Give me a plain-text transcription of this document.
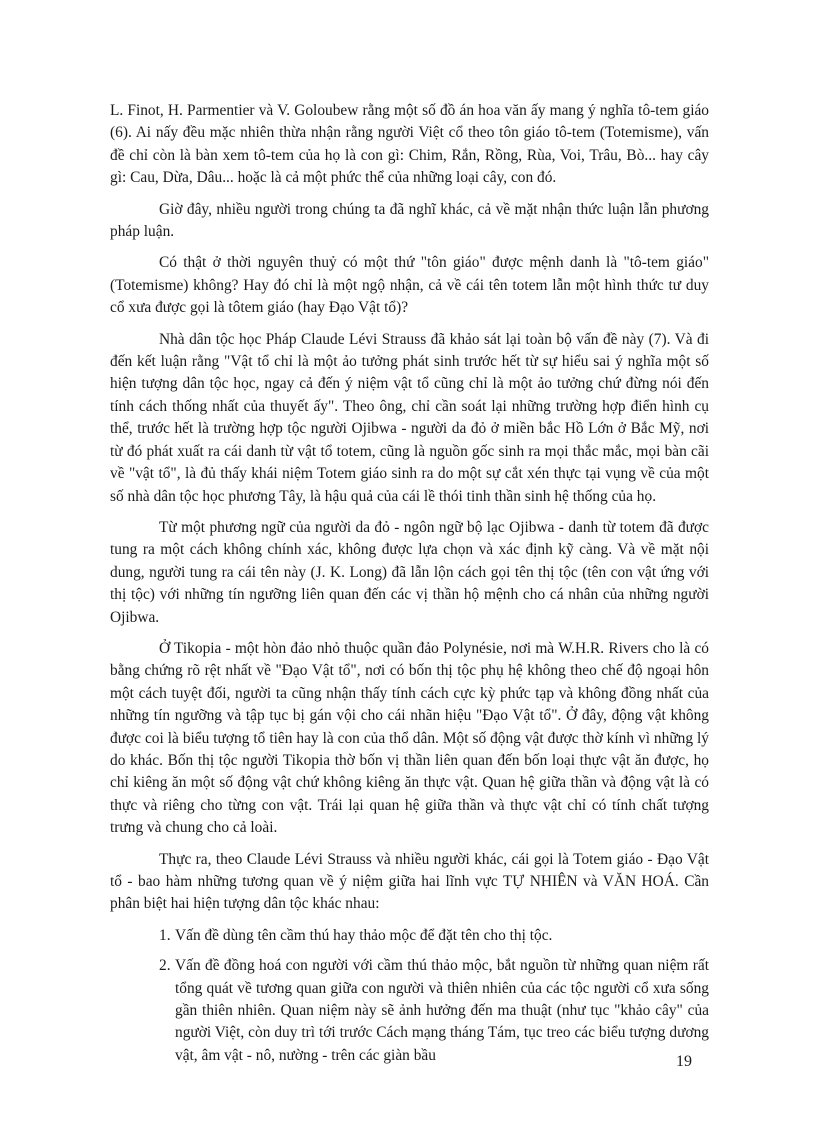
L. Finot, H. Parmentier và V. Goloubew rằng một số đồ án hoa văn ấy mang ý nghĩa tô-tem giáo (6). Ai nấy đều mặc nhiên thừa nhận rằng người Việt cổ theo tôn giáo tô-tem (Totemisme), vấn đề chỉ còn là bàn xem tô-tem của họ là con gì: Chim, Rắn, Rồng, Rùa, Voi, Trâu, Bò... hay cây gì: Cau, Dừa, Dâu... hoặc là cả một phức thể của những loại cây, con đó.

Giờ đây, nhiều người trong chúng ta đã nghĩ khác, cả về mặt nhận thức luận lẫn phương pháp luận.

Có thật ở thời nguyên thuỷ có một thứ "tôn giáo" được mệnh danh là "tô-tem giáo" (Totemisme) không? Hay đó chỉ là một ngộ nhận, cả về cái tên totem lẫn một hình thức tư duy cổ xưa được gọi là tôtem giáo (hay Đạo Vật tổ)?

Nhà dân tộc học Pháp Claude Lévi Strauss đã khảo sát lại toàn bộ vấn đề này (7). Và đi đến kết luận rằng "Vật tổ chỉ là một ảo tưởng phát sinh trước hết từ sự hiểu sai ý nghĩa một số hiện tượng dân tộc học, ngay cả đến ý niệm vật tổ cũng chỉ là một ảo tưởng chứ đừng nói đến tính cách thống nhất của thuyết ấy". Theo ông, chỉ cần soát lại những trường hợp điển hình cụ thể, trước hết là trường hợp tộc người Ojibwa - người da đỏ ở miền bắc Hồ Lớn ở Bắc Mỹ, nơi từ đó phát xuất ra cái danh từ vật tổ totem, cũng là nguồn gốc sinh ra mọi thắc mắc, mọi bàn cãi về "vật tổ", là đủ thấy khái niệm Totem giáo sinh ra do một sự cắt xén thực tại vụng về của một số nhà dân tộc học phương Tây, là hậu quả của cái lề thói tinh thần sinh hệ thống của họ.

Từ một phương ngữ của người da đỏ - ngôn ngữ bộ lạc Ojibwa - danh từ totem đã được tung ra một cách không chính xác, không được lựa chọn và xác định kỹ càng. Và về mặt nội dung, người tung ra cái tên này (J. K. Long) đã lẫn lộn cách gọi tên thị tộc (tên con vật ứng với thị tộc) với những tín ngưỡng liên quan đến các vị thần hộ mệnh cho cá nhân của những người Ojibwa.

Ở Tikopia - một hòn đảo nhỏ thuộc quần đảo Polynésie, nơi mà W.H.R. Rivers cho là có bằng chứng rõ rệt nhất về "Đạo Vật tổ", nơi có bốn thị tộc phụ hệ không theo chế độ ngoại hôn một cách tuyệt đối, người ta cũng nhận thấy tính cách cực kỳ phức tạp và không đồng nhất của những tín ngưỡng và tập tục bị gán vội cho cái nhãn hiệu "Đạo Vật tổ". Ở đây, động vật không được coi là biểu tượng tổ tiên hay là con của thổ dân. Một số động vật được thờ kính vì những lý do khác. Bốn thị tộc người Tikopia thờ bốn vị thần liên quan đến bốn loại thực vật ăn được, họ chỉ kiêng ăn một số động vật chứ không kiêng ăn thực vật. Quan hệ giữa thần và động vật là có thực và riêng cho từng con vật. Trái lại quan hệ giữa thần và thực vật chỉ có tính chất tượng trưng và chung cho cả loài.

Thực ra, theo Claude Lévi Strauss và nhiều người khác, cái gọi là Totem giáo - Đạo Vật tổ - bao hàm những tương quan về ý niệm giữa hai lĩnh vực TỰ NHIÊN và VĂN HOÁ. Cần phân biệt hai hiện tượng dân tộc khác nhau:

1. Vấn đề dùng tên cầm thú hay thảo mộc để đặt tên cho thị tộc.
2. Vấn đề đồng hoá con người với cầm thú thảo mộc, bắt nguồn từ những quan niệm rất tổng quát về tương quan giữa con người và thiên nhiên của các tộc người cổ xưa sống gần thiên nhiên. Quan niệm này sẽ ảnh hưởng đến ma thuật (như tục "khảo cây" của người Việt, còn duy trì tới trước Cách mạng tháng Tám, tục treo các biểu tượng dương vật, âm vật - nô, nường - trên các giàn bầu	19
